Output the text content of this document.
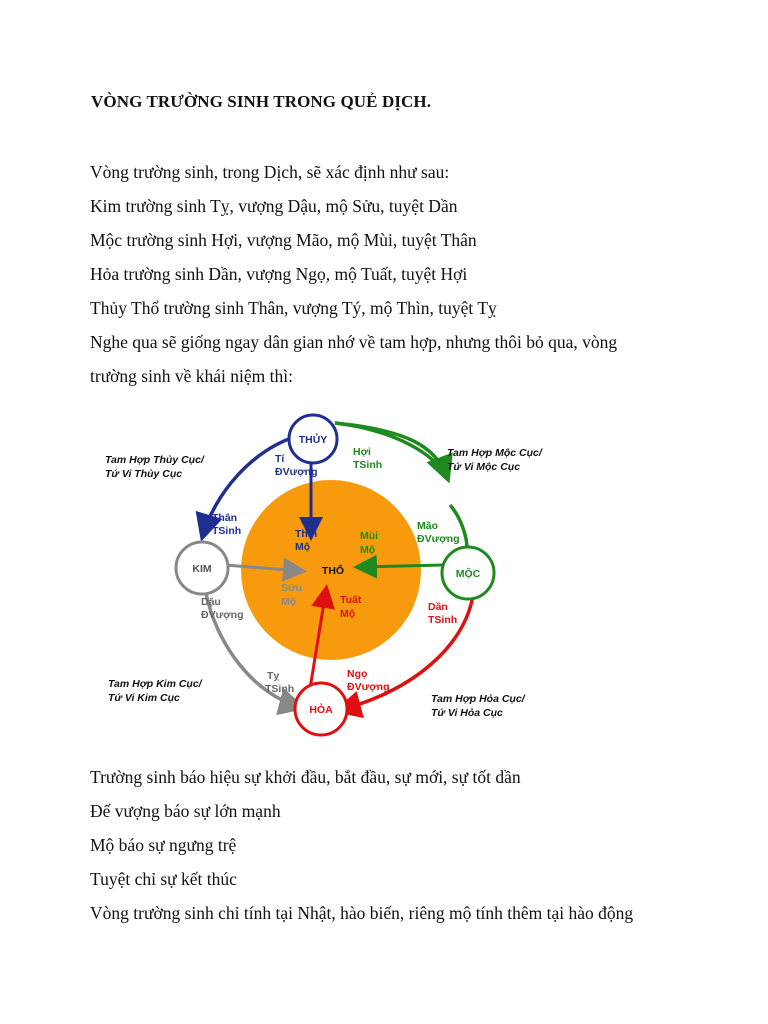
VÒNG TRƯỜNG SINH TRONG QUẺ DỊCH.
Vòng trường sinh, trong Dịch, sẽ xác định như sau:
Kim trường sinh Tỵ, vượng Dậu, mộ Sửu, tuyệt Dần
Mộc trường sinh Hợi, vượng Mão, mộ Mùi, tuyệt Thân
Hỏa trường sinh Dần, vượng Ngọ, mộ Tuất, tuyệt Hợi
Thủy Thổ trường sinh Thân, vượng Tý, mộ Thìn, tuyệt Tỵ
Nghe qua sẽ giống ngay dân gian nhớ về tam hợp, nhưng thôi bỏ qua, vòng
trường sinh về khái niệm thì:
THỦY
KIM	MỘC
HỎA
THỔ
Tí
ĐVượng
Hợi
TSinh
Thân
TSinh	Mão
ĐVượng
Dậu
ĐVượng
Dần
TSinh
Tỵ
TSinh
Ngọ
ĐVượng
Thìn
Mộ
Mùi
Mộ
Sửu
Mộ	Tuất
Mộ
Tam Hợp Thủy Cục/
Tứ Vi Thủy Cục
Tam Hợp Mộc Cục/
Tứ Vi Mộc Cục
Tam Hợp Kim Cục/
Tứ Vi Kim Cục	Tam Hợp Hỏa Cục/
Tứ Vi Hỏa Cục
Trường sinh báo hiệu sự khởi đầu, bắt đầu, sự mới, sự tốt dần
Đế vượng báo sự lớn mạnh
Mộ báo sự ngưng trệ
Tuyệt chỉ sự kết thúc
Vòng trường sinh chỉ tính tại Nhật, hào biến, riêng mộ tính thêm tại hào động
